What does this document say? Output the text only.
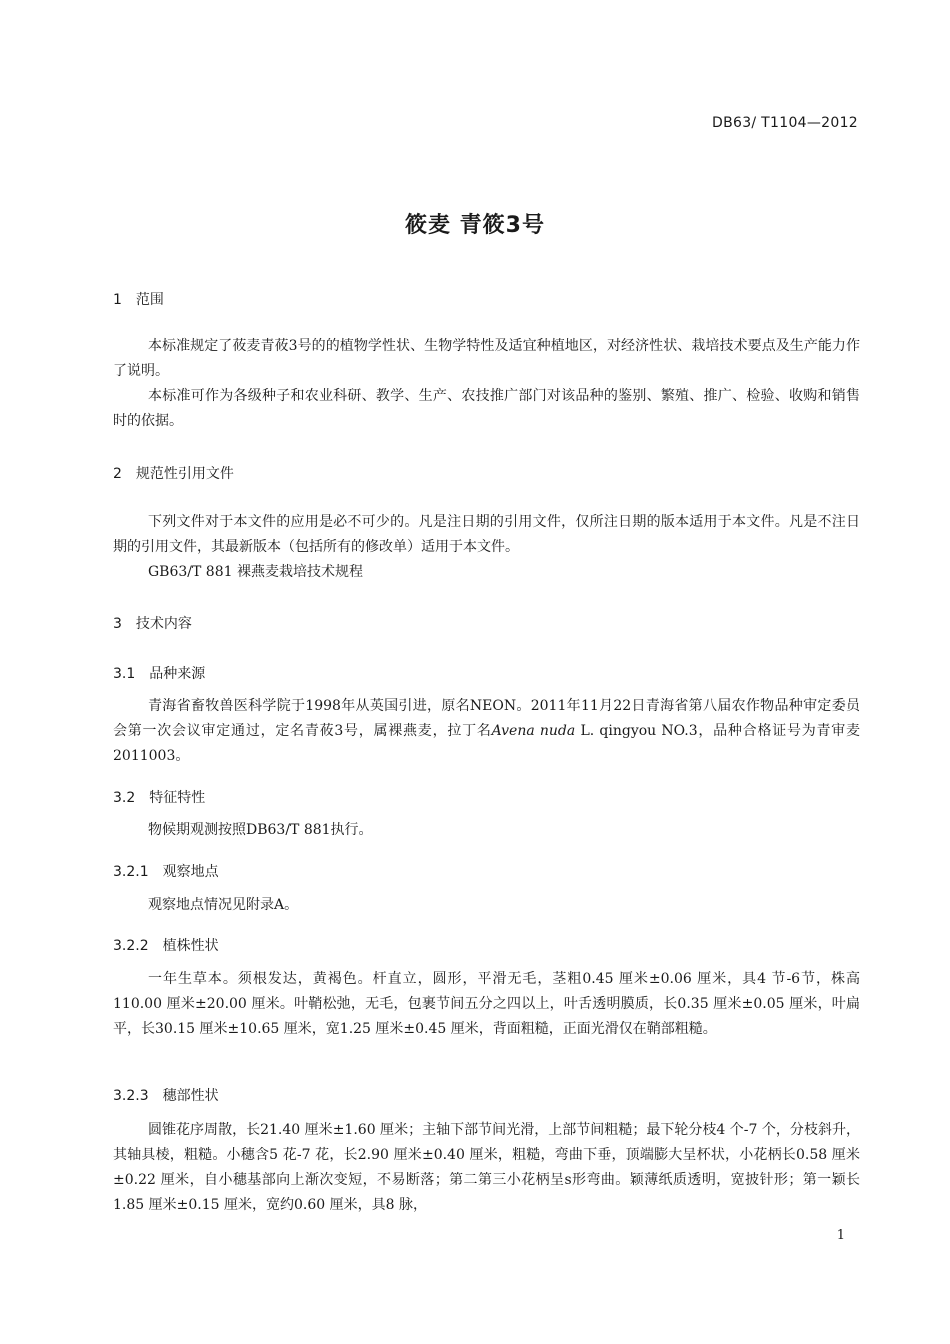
DB63/ T1104—2012
筱麦 青筱3号
1 范围

本标准规定了莜麦青莜3号的的植物学性状、生物学特性及适宜种植地区，对经济性状、栽培技术要点及生产能力作了说明。

本标准可作为各级种子和农业科研、教学、生产、农技推广部门对该品种的鉴别、繁殖、推广、检验、收购和销售时的依据。

2 规范性引用文件

下列文件对于本文件的应用是必不可少的。凡是注日期的引用文件，仅所注日期的版本适用于本文件。凡是不注日期的引用文件，其最新版本（包括所有的修改单）适用于本文件。

GB63/T 881 裸燕麦栽培技术规程
3 技术内容
3.1 品种来源

青海省畜牧兽医科学院于1998年从英国引进，原名NEON。2011年11月22日青海省第八届农作物品种审定委员会第一次会议审定通过，定名青莜3号，属裸燕麦，拉丁名Avena nuda L. qingyou NO.3，品种合格证号为青审麦2011003。

3.2 特征特性
物候期观测按照DB63/T 881执行。
3.2.1 观察地点
观察地点情况见附录A。
3.2.2 植株性状

一年生草本。须根发达，黄褐色。杆直立，圆形，平滑无毛，茎粗0.45 厘米±0.06 厘米，具4 节-6节，株高110.00 厘米±20.00 厘米。叶鞘松弛，无毛，包裹节间五分之四以上，叶舌透明膜质，长0.35 厘米±0.05 厘米，叶扁平，长30.15 厘米±10.65 厘米，宽1.25 厘米±0.45 厘米，背面粗糙，正面光滑仅在鞘部粗糙。

3.2.3 穗部性状

圆锥花序周散，长21.40 厘米±1.60 厘米；主轴下部节间光滑，上部节间粗糙；最下轮分枝4 个-7 个，分枝斜升，其轴具棱，粗糙。小穗含5 花-7 花，长2.90 厘米±0.40 厘米，粗糙，弯曲下垂，顶端膨大呈杯状，小花柄长0.58 厘米±0.22 厘米，自小穗基部向上渐次变短，不易断落；第二第三小花柄呈s形弯曲。颖薄纸质透明，宽披针形；第一颖长1.85 厘米±0.15 厘米，宽约0.60 厘米，具8 脉，

1
